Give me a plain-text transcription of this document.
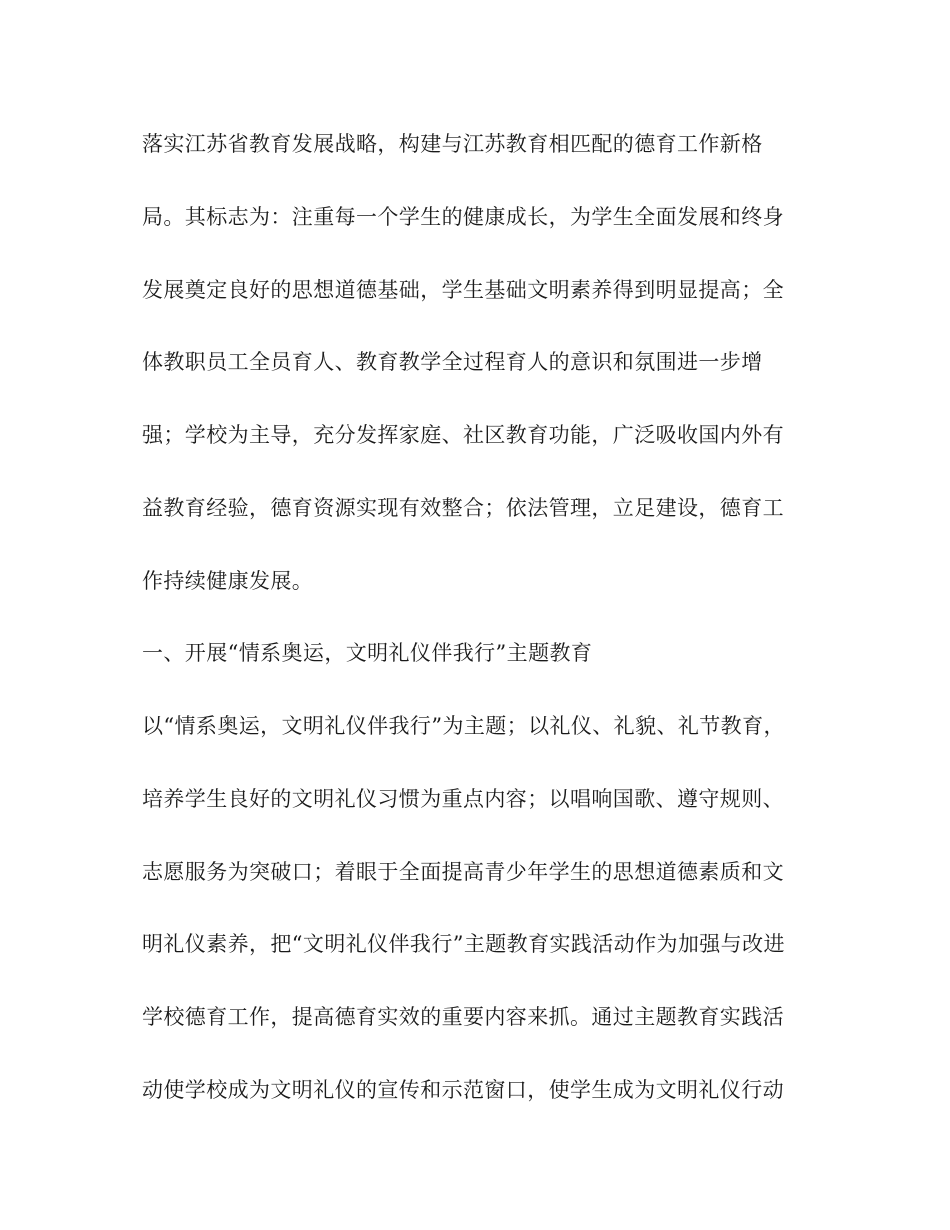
落实江苏省教育发展战略，构建与江苏教育相匹配的德育工作新格
局。其标志为：注重每一个学生的健康成长，为学生全面发展和终身
发展奠定良好的思想道德基础，学生基础文明素养得到明显提高；全
体教职员工全员育人、教育教学全过程育人的意识和氛围进一步增
强；学校为主导，充分发挥家庭、社区教育功能，广泛吸收国内外有
益教育经验，德育资源实现有效整合；依法管理，立足建设，德育工
作持续健康发展。
一、开展“情系奥运，文明礼仪伴我行”主题教育
以“情系奥运，文明礼仪伴我行”为主题；以礼仪、礼貌、礼节教育，
培养学生良好的文明礼仪习惯为重点内容；以唱响国歌、遵守规则、
志愿服务为突破口；着眼于全面提高青少年学生的思想道德素质和文
明礼仪素养，把“文明礼仪伴我行”主题教育实践活动作为加强与改进
学校德育工作，提高德育实效的重要内容来抓。通过主题教育实践活
动使学校成为文明礼仪的宣传和示范窗口，使学生成为文明礼仪行动
